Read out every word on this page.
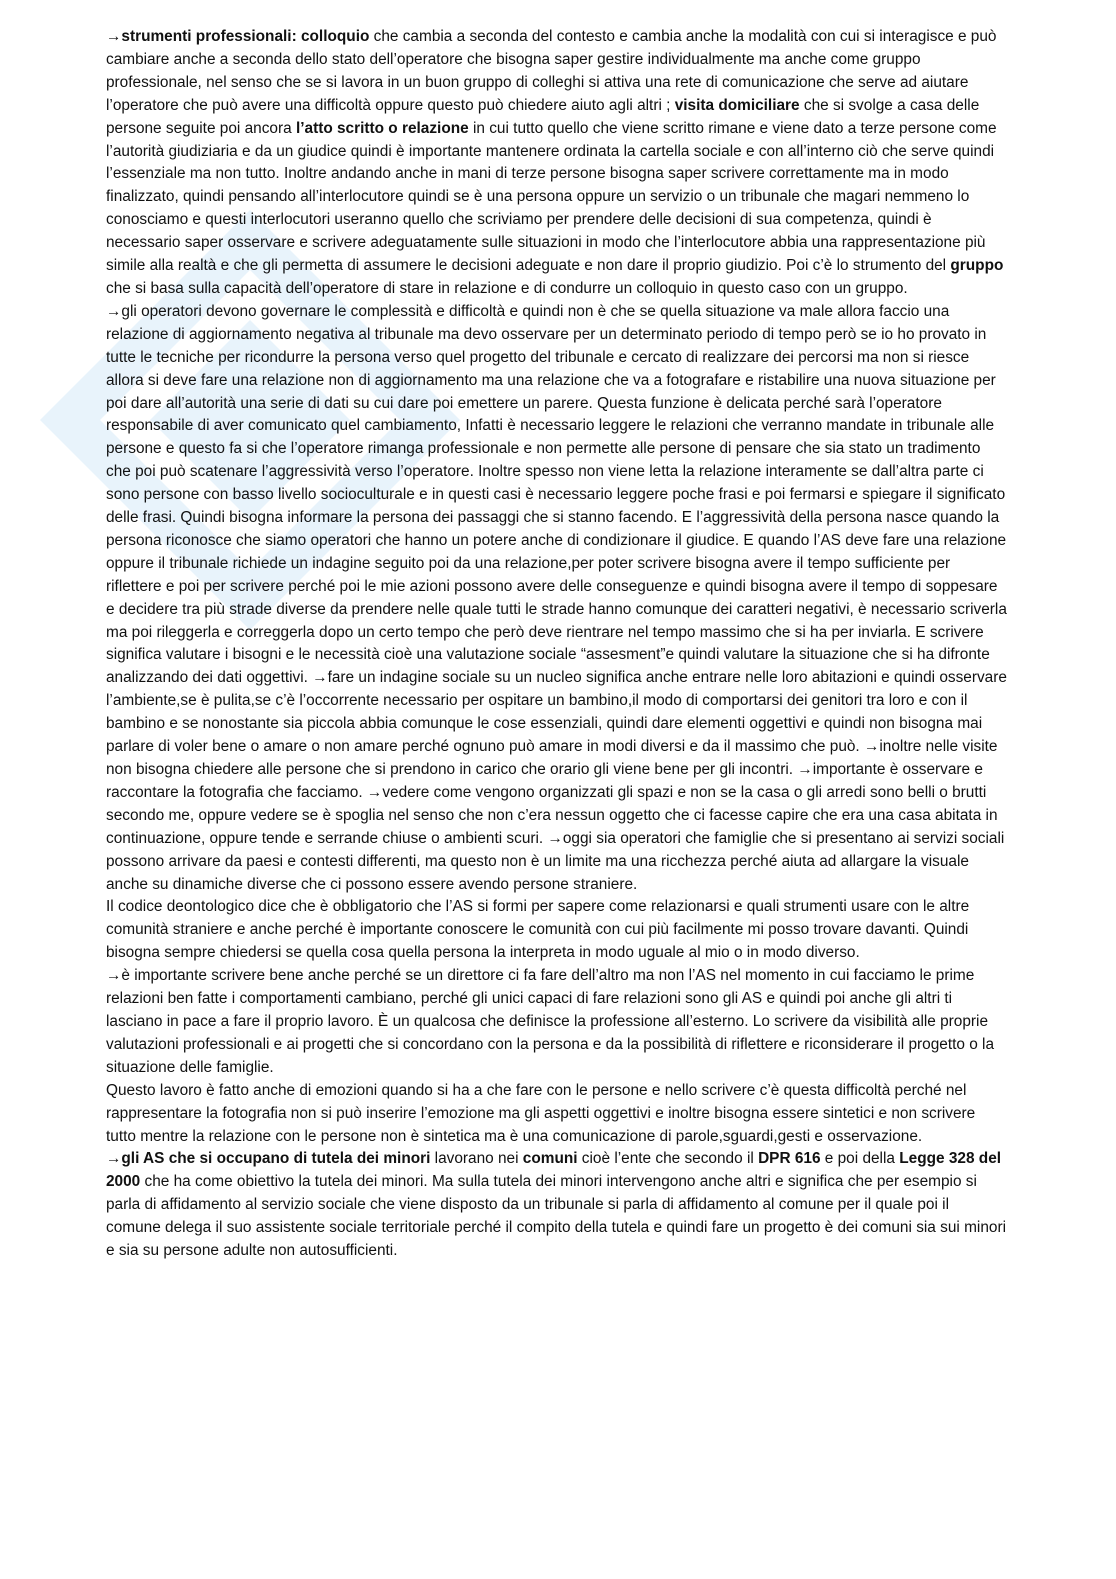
→strumenti professionali: colloquio che cambia a seconda del contesto e cambia anche la modalità con cui si interagisce e può cambiare anche a seconda dello stato dell’operatore che bisogna saper gestire individualmente ma anche come gruppo professionale, nel senso che se si lavora in un buon gruppo di colleghi si attiva una rete di comunicazione che serve ad aiutare l’operatore che può avere una difficoltà oppure questo può chiedere aiuto agli altri ; visita domiciliare che si svolge a casa delle persone seguite poi ancora l’atto scritto o relazione in cui tutto quello che viene scritto rimane e viene dato a terze persone come l’autorità giudiziaria e da un giudice quindi è importante mantenere ordinata la cartella sociale e con all’interno ciò che serve quindi l’essenziale ma non tutto. Inoltre andando anche in mani di terze persone bisogna saper scrivere correttamente ma in modo finalizzato, quindi pensando all’interlocutore quindi se è una persona oppure un servizio o un tribunale che magari nemmeno lo conosciamo e questi interlocutori useranno quello che scriviamo per prendere delle decisioni di sua competenza, quindi è necessario saper osservare e scrivere adeguatamente sulle situazioni in modo che l’interlocutore abbia una rappresentazione più simile alla realtà e che gli permetta di assumere le decisioni adeguate e non dare il proprio giudizio. Poi c’è lo strumento del gruppo che si basa sulla capacità dell’operatore di stare in relazione e di condurre un colloquio in questo caso con un gruppo.

→gli operatori devono governare le complessità e difficoltà e quindi non è che se quella situazione va male allora faccio una relazione di aggiornamento negativa al tribunale ma devo osservare per un determinato periodo di tempo però se io ho provato in tutte le tecniche per ricondurre la persona verso quel progetto del tribunale e cercato di realizzare dei percorsi ma non si riesce allora si deve fare una relazione non di aggiornamento ma una relazione che va a fotografare e ristabilire una nuova situazione per poi dare all’autorità una serie di dati su cui dare poi emettere un parere. Questa funzione è delicata perché sarà l’operatore responsabile di aver comunicato quel cambiamento, Infatti è necessario leggere le relazioni che verranno mandate in tribunale alle persone e questo fa si che l’operatore rimanga professionale e non permette alle persone di pensare che sia stato un tradimento che poi può scatenare l’aggressività verso l’operatore. Inoltre spesso non viene letta la relazione interamente se dall’altra parte ci sono persone con basso livello socioculturale e in questi casi è necessario leggere poche frasi e poi fermarsi e spiegare il significato delle frasi. Quindi bisogna informare la persona dei passaggi che si stanno facendo. E l’aggressività della persona nasce quando la persona riconosce che siamo operatori che hanno un potere anche di condizionare il giudice. E quando l’AS deve fare una relazione oppure il tribunale richiede un indagine seguito poi da una relazione,per poter scrivere bisogna avere il tempo sufficiente per riflettere e poi per scrivere perché poi le mie azioni possono avere delle conseguenze e quindi bisogna avere il tempo di soppesare e decidere tra più strade diverse da prendere nelle quale tutti le strade hanno comunque dei caratteri negativi, è necessario scriverla ma poi rileggerla e correggerla dopo un certo tempo che però deve rientrare nel tempo massimo che si ha per inviarla. E scrivere significa valutare i bisogni e le necessità cioè una valutazione sociale “assesment”e quindi valutare la situazione che si ha difronte analizzando dei dati oggettivi. →fare un indagine sociale su un nucleo significa anche entrare nelle loro abitazioni e quindi osservare l’ambiente,se è pulita,se c’è l’occorrente necessario per ospitare un bambino,il modo di comportarsi dei genitori tra loro e con il bambino e se nonostante sia piccola abbia comunque le cose essenziali, quindi dare elementi oggettivi e quindi non bisogna mai parlare di voler bene o amare o non amare perché ognuno può amare in modi diversi e da il massimo che può. →inoltre nelle visite non bisogna chiedere alle persone che si prendono in carico che orario gli viene bene per gli incontri. →importante è osservare e raccontare la fotografia che facciamo. →vedere come vengono organizzati gli spazi e non se la casa o gli arredi sono belli o brutti secondo me, oppure vedere se è spoglia nel senso che non c’era nessun oggetto che ci facesse capire che era una casa abitata in continuazione, oppure tende e serrande chiuse o ambienti scuri. →oggi sia operatori che famiglie che si presentano ai servizi sociali possono arrivare da paesi e contesti differenti, ma questo non è un limite ma una ricchezza perché aiuta ad allargare la visuale anche su dinamiche diverse che ci possono essere avendo persone straniere.

Il codice deontologico dice che è obbligatorio che l’AS si formi per sapere come relazionarsi e quali strumenti usare con le altre comunità straniere e anche perché è importante conoscere le comunità con cui più facilmente mi posso trovare davanti. Quindi bisogna sempre chiedersi se quella cosa quella persona la interpreta in modo uguale al mio o in modo diverso.

→è importante scrivere bene anche perché se un direttore ci fa fare dell’altro ma non l’AS nel momento in cui facciamo le prime relazioni ben fatte i comportamenti cambiano, perché gli unici capaci di fare relazioni sono gli AS e quindi poi anche gli altri ti lasciano in pace a fare il proprio lavoro. È un qualcosa che definisce la professione all’esterno. Lo scrivere da visibilità alle proprie valutazioni professionali e ai progetti che si concordano con la persona e da la possibilità di riflettere e riconsiderare il progetto o la situazione delle famiglie.

Questo lavoro è fatto anche di emozioni quando si ha a che fare con le persone e nello scrivere c’è questa difficoltà perché nel rappresentare la fotografia non si può inserire l’emozione ma gli aspetti oggettivi e inoltre bisogna essere sintetici e non scrivere tutto mentre la relazione con le persone non è sintetica ma è una comunicazione di parole,sguardi,gesti e osservazione.

→gli AS che si occupano di tutela dei minori lavorano nei comuni cioè l’ente che secondo il DPR 616 e poi della Legge 328 del 2000 che ha come obiettivo la tutela dei minori. Ma sulla tutela dei minori intervengono anche altri e significa che per esempio si parla di affidamento al servizio sociale che viene disposto da un tribunale si parla di affidamento al comune per il quale poi il comune delega il suo assistente sociale territoriale perché il compito della tutela e quindi fare un progetto è dei comuni sia sui minori e sia su persone adulte non autosufficienti.
